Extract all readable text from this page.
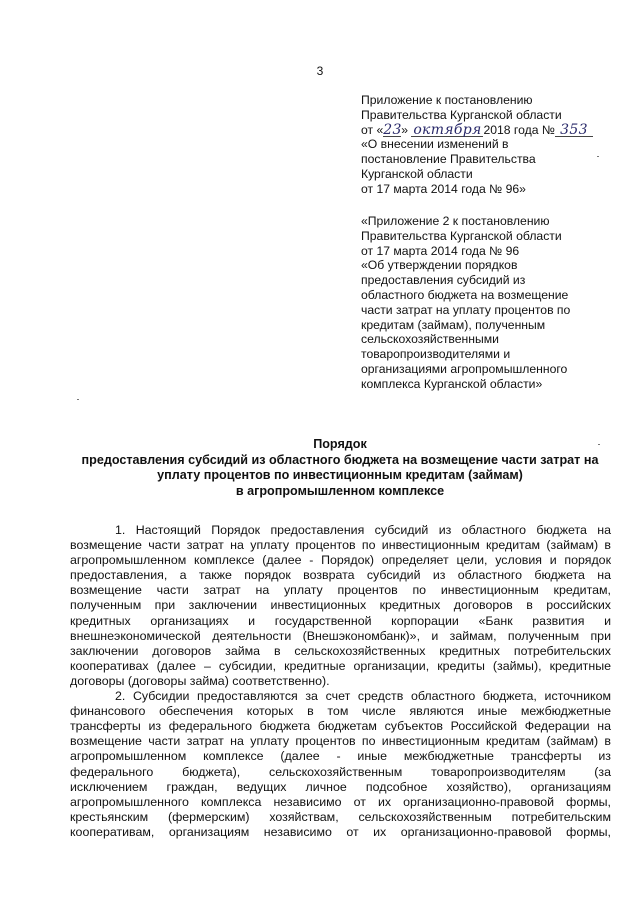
3
Приложение к постановлению
Правительства Курганской области
от «23» октября 2018 года № 353
«О внесении изменений в
постановление Правительства
Курганской области
от 17 марта 2014 года № 96»
«Приложение 2 к постановлению
Правительства Курганской области
от 17 марта 2014 года № 96
«Об утверждении порядков
предоставления субсидий из
областного бюджета на возмещение
части затрат на уплату процентов по
кредитам (займам), полученным
сельскохозяйственными
товаропроизводителями и
организациями агропромышленного
комплекса Курганской области»
Порядок
предоставления субсидий из областного бюджета на возмещение части затрат на
уплату процентов по инвестиционным кредитам (займам)
в агропромышленном комплексе
1. Настоящий Порядок предоставления субсидий из областного бюджета на
возмещение части затрат на уплату процентов по инвестиционным кредитам (займам) в
агропромышленном комплексе (далее - Порядок) определяет цели, условия и порядок
предоставления, а также порядок возврата субсидий из областного бюджета на
возмещение части затрат на уплату процентов по инвестиционным кредитам,
полученным при заключении инвестиционных кредитных договоров в российских
кредитных организациях и государственной корпорации «Банк развития и
внешнеэкономической деятельности (Внешэкономбанк)», и займам, полученным при
заключении договоров займа в сельскохозяйственных кредитных потребительских
кооперативах (далее – субсидии, кредитные организации, кредиты (займы), кредитные
договоры (договоры займа) соответственно).
2. Субсидии предоставляются за счет средств областного бюджета, источником
финансового обеспечения которых в том числе являются иные межбюджетные
трансферты из федерального бюджета бюджетам субъектов Российской Федерации на
возмещение части затрат на уплату процентов по инвестиционным кредитам (займам) в
агропромышленном комплексе (далее - иные межбюджетные трансферты из
федерального бюджета), сельскохозяйственным товаропроизводителям (за
исключением граждан, ведущих личное подсобное хозяйство), организациям
агропромышленного комплекса независимо от их организационно-правовой формы,
крестьянским (фермерским) хозяйствам, сельскохозяйственным потребительским
кооперативам, организациям независимо от их организационно-правовой формы,
